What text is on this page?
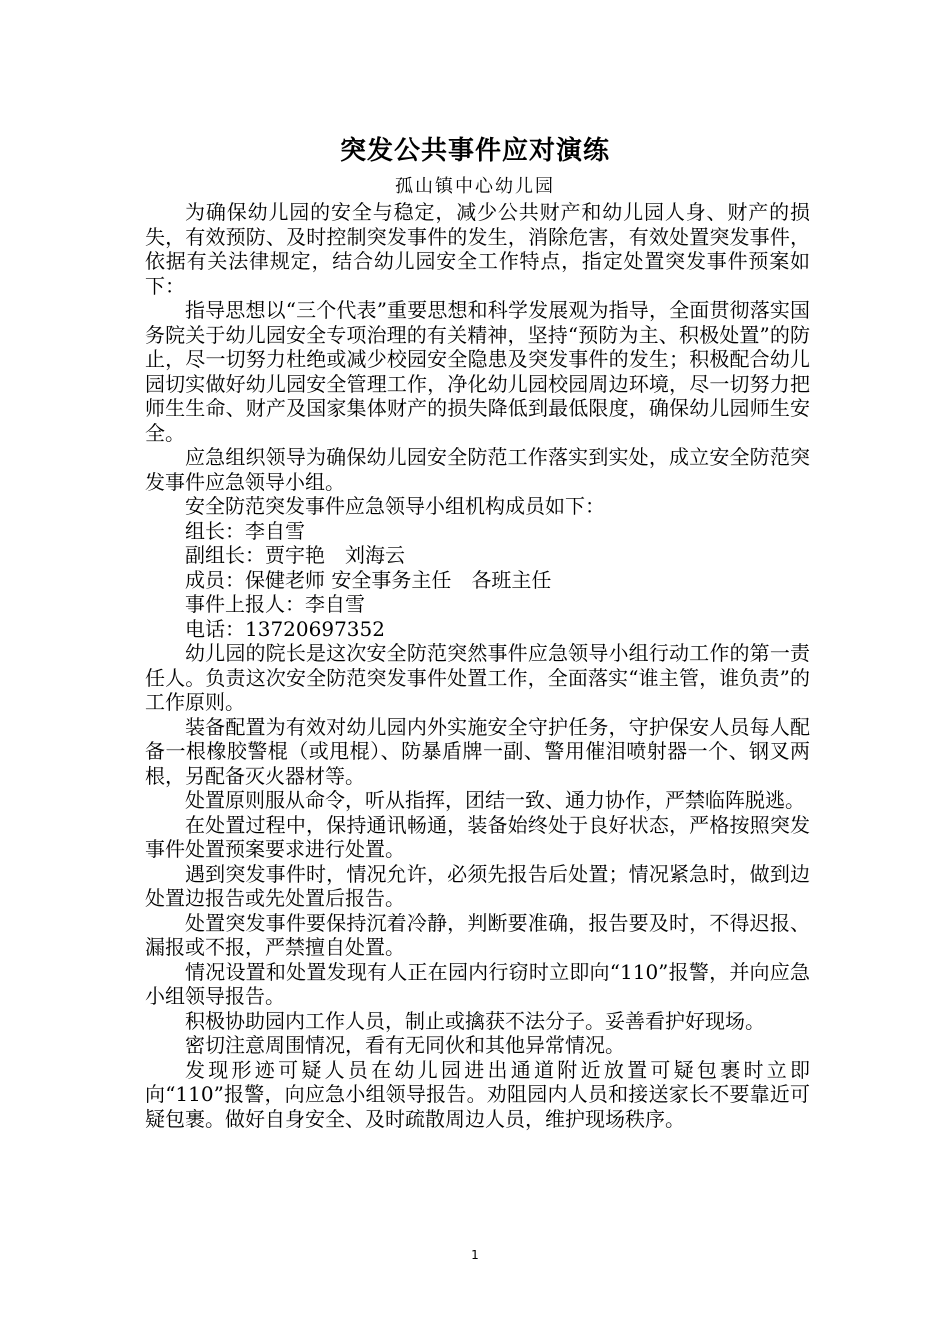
突发公共事件应对演练
孤山镇中心幼儿园

为确保幼儿园的安全与稳定，减少公共财产和幼儿园人身、财产的损失，有效预防、及时控制突发事件的发生，消除危害，有效处置突发事件，依据有关法律规定，结合幼儿园安全工作特点，指定处置突发事件预案如下：

指导思想以“三个代表”重要思想和科学发展观为指导，全面贯彻落实国务院关于幼儿园安全专项治理的有关精神，坚持“预防为主、积极处置”的防止，尽一切努力杜绝或减少校园安全隐患及突发事件的发生；积极配合幼儿园切实做好幼儿园安全管理工作，净化幼儿园校园周边环境，尽一切努力把师生生命、财产及国家集体财产的损失降低到最低限度，确保幼儿园师生安全。

应急组织领导为确保幼儿园安全防范工作落实到实处，成立安全防范突发事件应急领导小组。

安全防范突发事件应急领导小组机构成员如下：

组长：李自雪

副组长：贾宇艳　刘海云

成员：保健老师 安全事务主任　各班主任

事件上报人：李自雪

电话：13720697352

幼儿园的院长是这次安全防范突然事件应急领导小组行动工作的第一责任人。负责这次安全防范突发事件处置工作，全面落实“谁主管，谁负责”的工作原则。

装备配置为有效对幼儿园内外实施安全守护任务，守护保安人员每人配备一根橡胶警棍（或甩棍）、防暴盾牌一副、警用催泪喷射器一个、钢叉两根，另配备灭火器材等。

处置原则服从命令，听从指挥，团结一致、通力协作，严禁临阵脱逃。

在处置过程中，保持通讯畅通，装备始终处于良好状态，严格按照突发事件处置预案要求进行处置。

遇到突发事件时，情况允许，必须先报告后处置；情况紧急时，做到边处置边报告或先处置后报告。

处置突发事件要保持沉着冷静，判断要准确，报告要及时，不得迟报、漏报或不报，严禁擅自处置。

情况设置和处置发现有人正在园内行窃时立即向“110”报警，并向应急小组领导报告。

积极协助园内工作人员，制止或擒获不法分子。妥善看护好现场。

密切注意周围情况，看有无同伙和其他异常情况。

发现形迹可疑人员在幼儿园进出通道附近放置可疑包裹时立即向“110”报警，向应急小组领导报告。劝阻园内人员和接送家长不要靠近可疑包裹。做好自身安全、及时疏散周边人员，维护现场秩序。

1
